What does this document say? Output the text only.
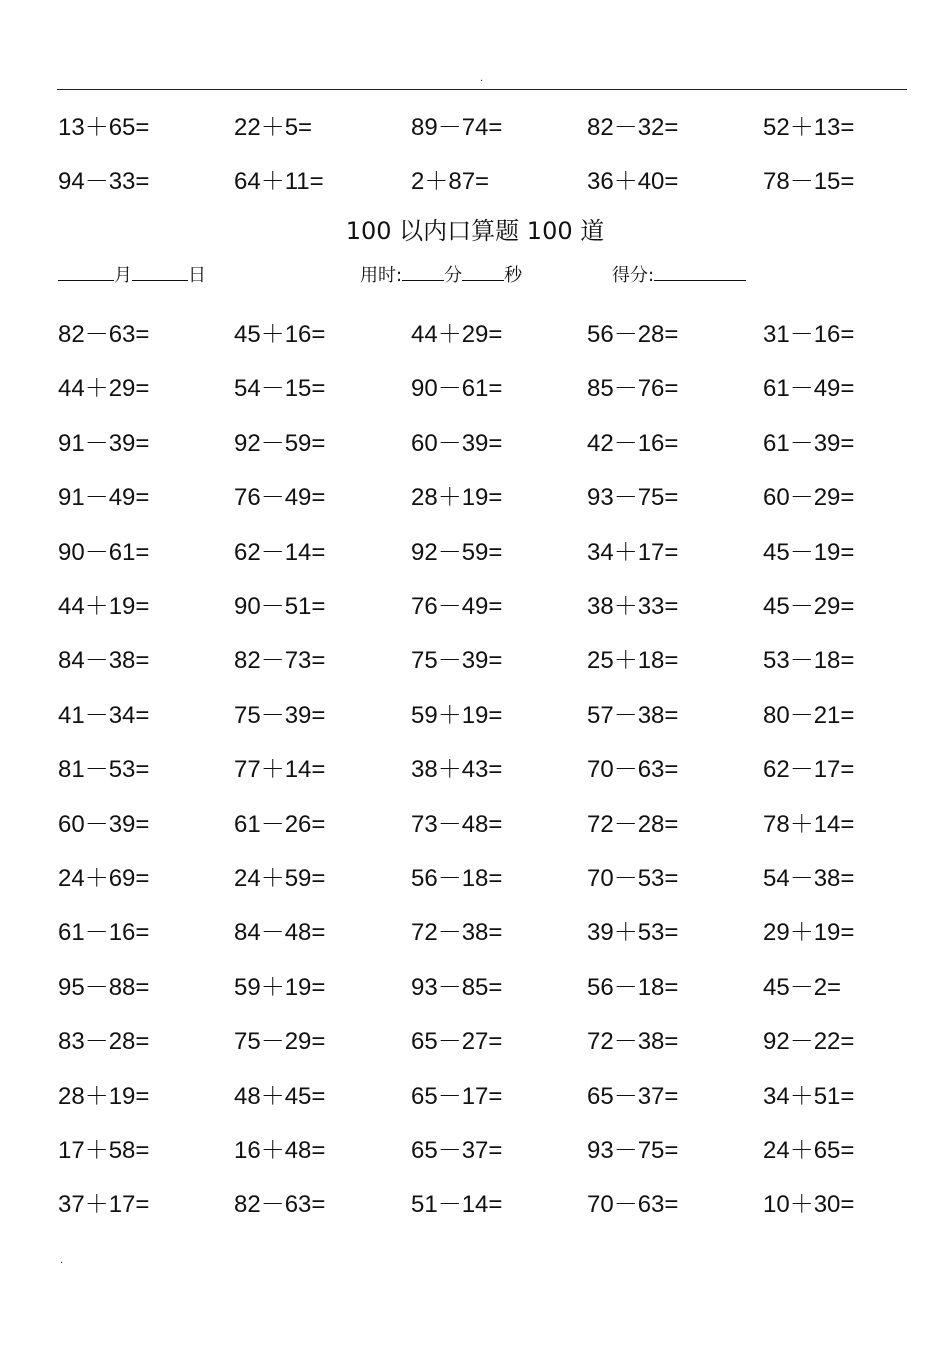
.
13＋65=	22＋5=	89－74=	82－32=	52＋13=
94－33=	64＋11=	2＋87=	36＋40=	78－15=
100 以内口算题 100 道
月	日	用时: 分 秒	得分:
82－63=	45＋16=	44＋29=	56－28=	31－16=
44＋29=	54－15=	90－61=	85－76=	61－49=
91－39=	92－59=	60－39=	42－16=	61－39=
91－49=	76－49=	28＋19=	93－75=	60－29=
90－61=	62－14=	92－59=	34＋17=	45－19=
44＋19=	90－51=	76－49=	38＋33=	45－29=
84－38=	82－73=	75－39=	25＋18=	53－18=
41－34=	75－39=	59＋19=	57－38=	80－21=
81－53=	77＋14=	38＋43=	70－63=	62－17=
60－39=	61－26=	73－48=	72－28=	78＋14=
24＋69=	24＋59=	56－18=	70－53=	54－38=
61－16=	84－48=	72－38=	39＋53=	29＋19=
95－88=	59＋19=	93－85=	56－18=	45－2=
83－28=	75－29=	65－27=	72－38=	92－22=
28＋19=	48＋45=	65－17=	65－37=	34＋51=
17＋58=	16＋48=	65－37=	93－75=	24＋65=
37＋17=	82－63=	51－14=	70－63=	10＋30=
.
